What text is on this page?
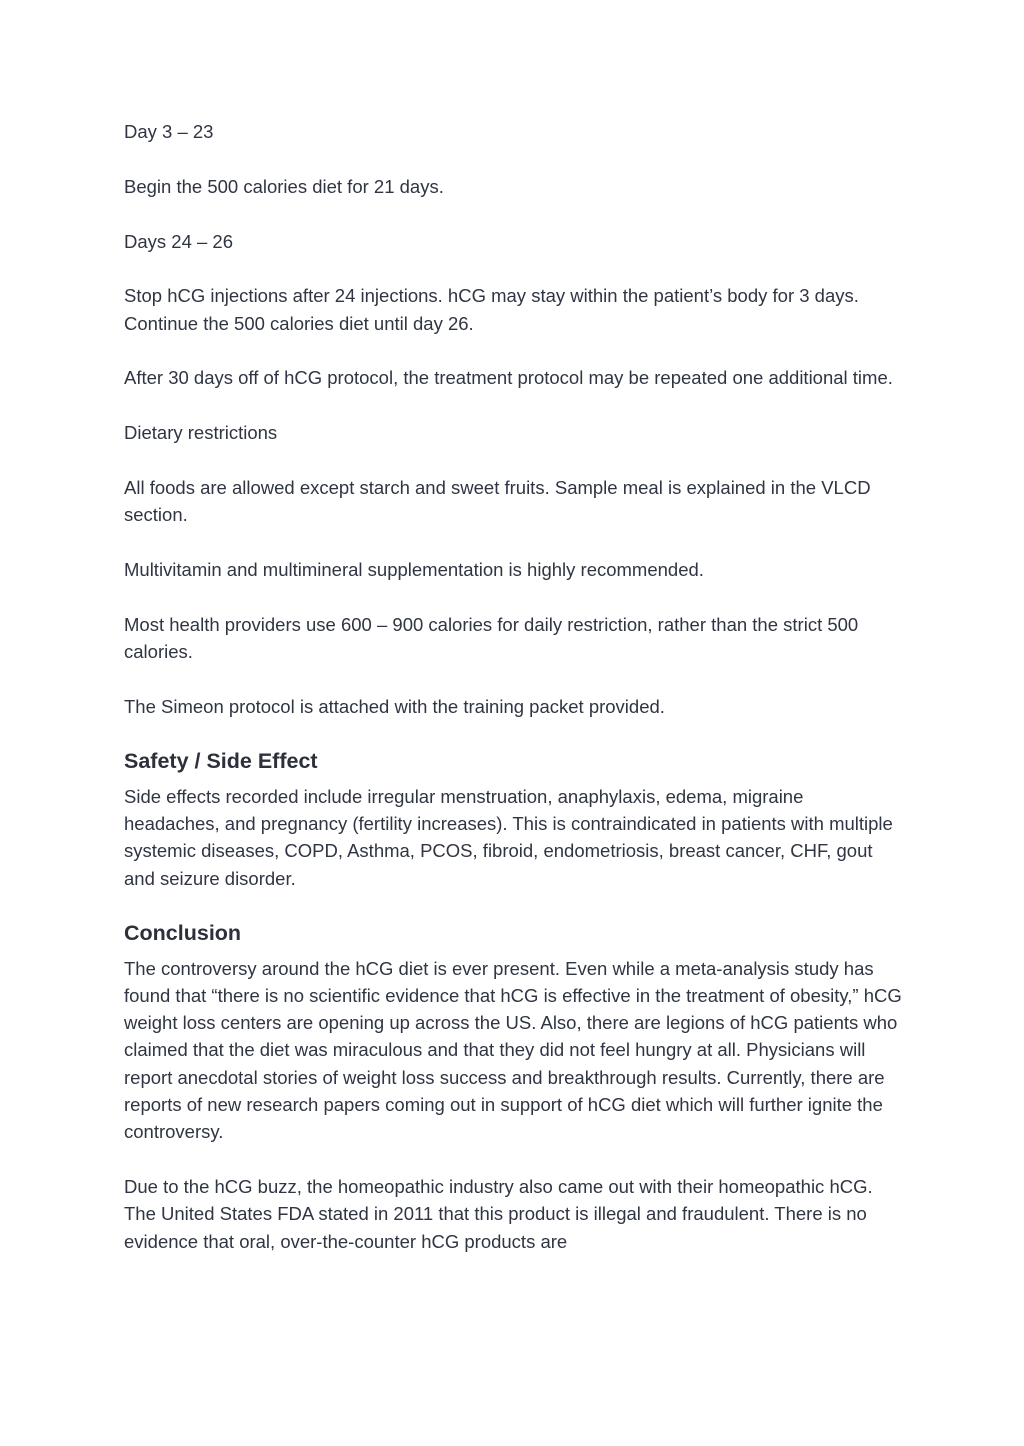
Day 3 – 23

Begin the 500 calories diet for 21 days.

Days 24 – 26

Stop hCG injections after 24 injections. hCG may stay within the patient’s body for 3 days. Continue the 500 calories diet until day 26.

After 30 days off of hCG protocol, the treatment protocol may be repeated one additional time.

Dietary restrictions

All foods are allowed except starch and sweet fruits. Sample meal is explained in the VLCD section.

Multivitamin and multimineral supplementation is highly recommended.

Most health providers use 600 – 900 calories for daily restriction, rather than the strict 500 calories.

The Simeon protocol is attached with the training packet provided.

Safety / Side Effect

Side effects recorded include irregular menstruation, anaphylaxis, edema, migraine headaches, and pregnancy (fertility increases). This is contraindicated in patients with multiple systemic diseases, COPD, Asthma, PCOS, fibroid, endometriosis, breast cancer, CHF, gout and seizure disorder.

Conclusion

The controversy around the hCG diet is ever present. Even while a meta-analysis study has found that “there is no scientific evidence that hCG is effective in the treatment of obesity,” hCG weight loss centers are opening up across the US. Also, there are legions of hCG patients who claimed that the diet was miraculous and that they did not feel hungry at all. Physicians will report anecdotal stories of weight loss success and breakthrough results. Currently, there are reports of new research papers coming out in support of hCG diet which will further ignite the controversy.

Due to the hCG buzz, the homeopathic industry also came out with their homeopathic hCG. The United States FDA stated in 2011 that this product is illegal and fraudulent. There is no evidence that oral, over-the-counter hCG products are
